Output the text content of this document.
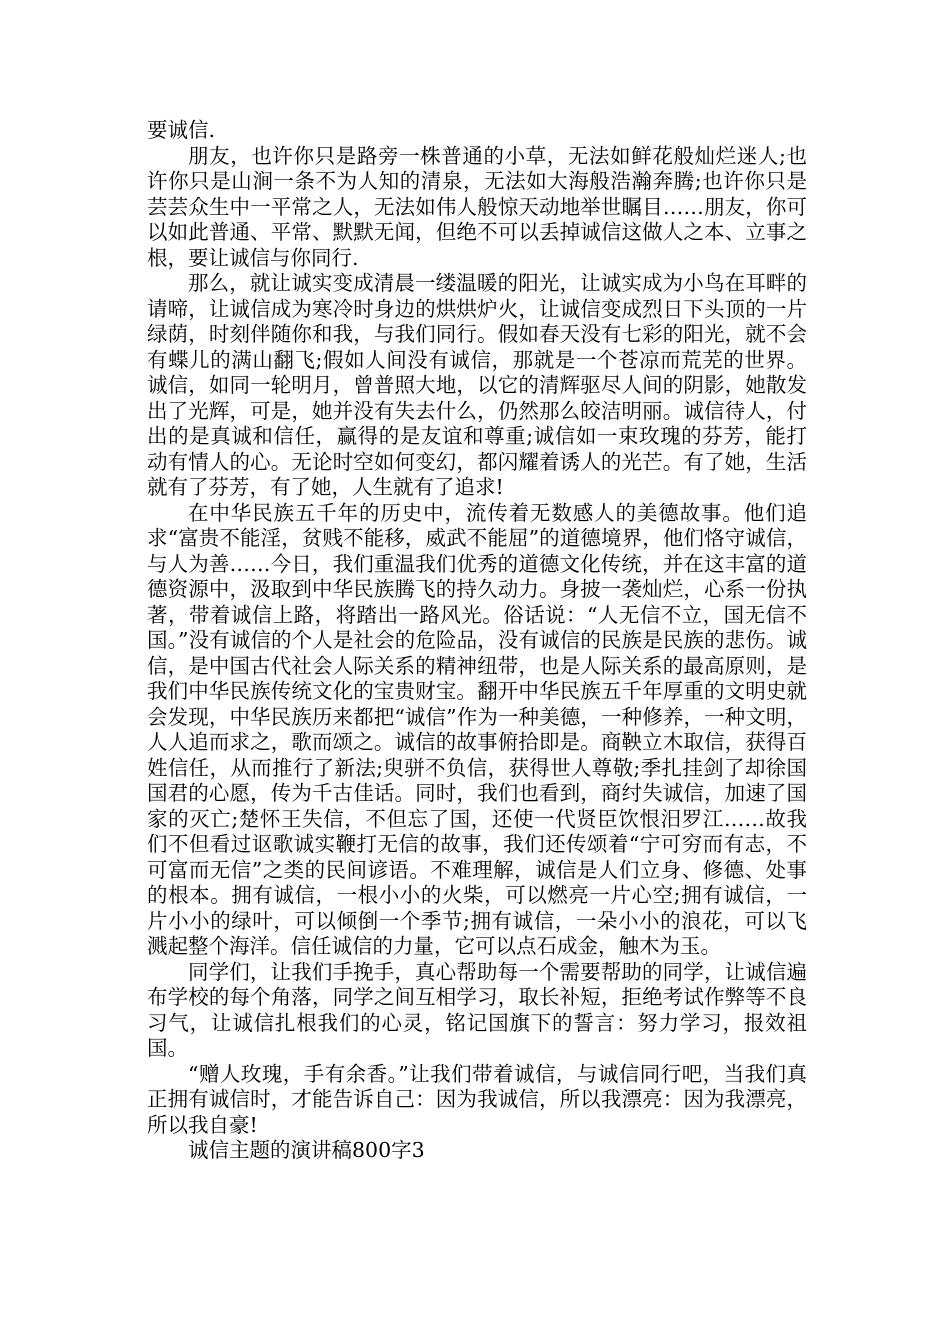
要诚信.

朋友，也许你只是路旁一株普通的小草，无法如鲜花般灿烂迷人;也许你只是山涧一条不为人知的清泉，无法如大海般浩瀚奔腾;也许你只是芸芸众生中一平常之人，无法如伟人般惊天动地举世瞩目……朋友，你可以如此普通、平常、默默无闻，但绝不可以丢掉诚信这做人之本、立事之根，要让诚信与你同行.

那么，就让诚实变成清晨一缕温暖的阳光，让诚实成为小鸟在耳畔的请啼，让诚信成为寒冷时身边的烘烘炉火，让诚信变成烈日下头顶的一片绿荫，时刻伴随你和我，与我们同行。假如春天没有七彩的阳光，就不会有蝶儿的满山翻飞;假如人间没有诚信，那就是一个苍凉而荒芜的世界。诚信，如同一轮明月，曾普照大地，以它的清辉驱尽人间的阴影，她散发出了光辉，可是，她并没有失去什么，仍然那么皎洁明丽。诚信待人，付出的是真诚和信任，赢得的是友谊和尊重;诚信如一束玫瑰的芬芳，能打动有情人的心。无论时空如何变幻，都闪耀着诱人的光芒。有了她，生活就有了芬芳，有了她，人生就有了追求!

在中华民族五千年的历史中，流传着无数感人的美德故事。他们追求“富贵不能淫，贫贱不能移，威武不能屈”的道德境界，他们恪守诚信，与人为善……今日，我们重温我们优秀的道德文化传统，并在这丰富的道德资源中，汲取到中华民族腾飞的持久动力。身披一袭灿烂，心系一份执著，带着诚信上路，将踏出一路风光。俗话说：“人无信不立，国无信不国。”没有诚信的个人是社会的危险品，没有诚信的民族是民族的悲伤。诚信，是中国古代社会人际关系的精神纽带，也是人际关系的最高原则，是我们中华民族传统文化的宝贵财宝。翻开中华民族五千年厚重的文明史就会发现，中华民族历来都把“诚信”作为一种美德，一种修养，一种文明，人人追而求之，歌而颂之。诚信的故事俯拾即是。商鞅立木取信，获得百姓信任，从而推行了新法;臾骈不负信，获得世人尊敬;季扎挂剑了却徐国国君的心愿，传为千古佳话。同时，我们也看到，商纣失诚信，加速了国家的灭亡;楚怀王失信，不但忘了国，还使一代贤臣饮恨汨罗江……故我们不但看过讴歌诚实鞭打无信的故事，我们还传颂着“宁可穷而有志，不可富而无信”之类的民间谚语。不难理解，诚信是人们立身、修德、处事的根本。拥有诚信，一根小小的火柴，可以燃亮一片心空;拥有诚信，一片小小的绿叶，可以倾倒一个季节;拥有诚信，一朵小小的浪花，可以飞溅起整个海洋。信任诚信的力量，它可以点石成金，触木为玉。

同学们，让我们手挽手，真心帮助每一个需要帮助的同学，让诚信遍布学校的每个角落，同学之间互相学习，取长补短，拒绝考试作弊等不良习气，让诚信扎根我们的心灵，铭记国旗下的誓言：努力学习，报效祖国。

“赠人玫瑰，手有余香。”让我们带着诚信，与诚信同行吧，当我们真正拥有诚信时，才能告诉自己：因为我诚信，所以我漂亮：因为我漂亮，所以我自豪!

诚信主题的演讲稿800字3
